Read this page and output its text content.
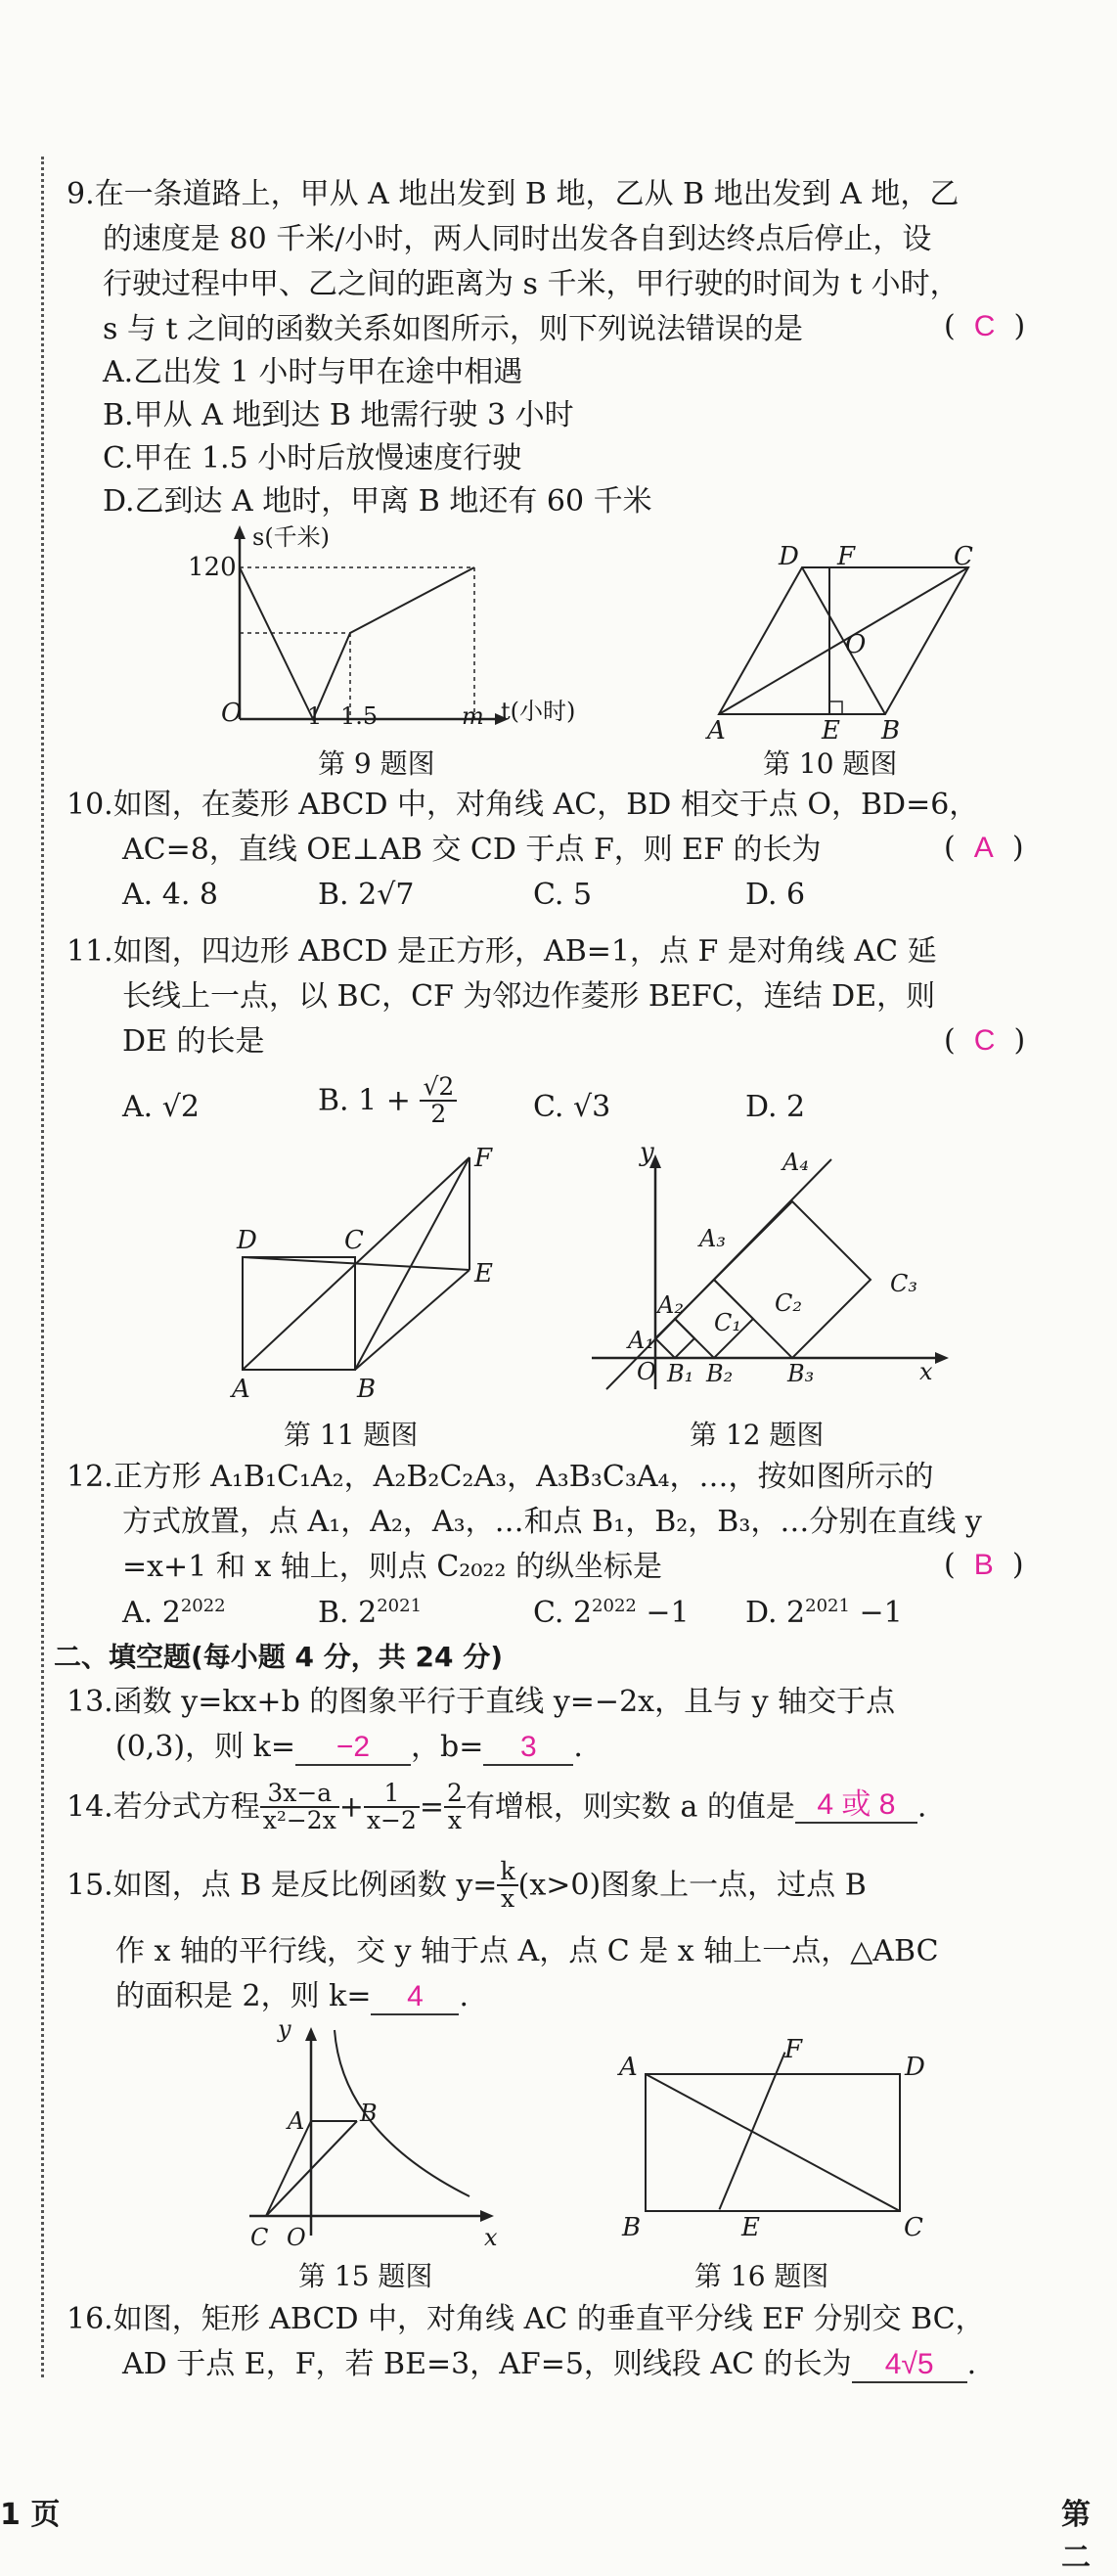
9.在一条道路上，甲从 A 地出发到 B 地，乙从 B 地出发到 A 地，乙
的速度是 80 千米/小时，两人同时出发各自到达终点后停止，设
行驶过程中甲、乙之间的距离为 s 千米，甲行驶的时间为 t 小时，
s 与 t 之间的函数关系如图所示，则下列说法错误的是	(  C  )
A.乙出发 1 小时与甲在途中相遇
B.甲从 A 地到达 B 地需行驶 3 小时
C.甲在 1.5 小时后放慢速度行驶
D.乙到达 A 地时，甲离 B 地还有 60 千米
120
s(千米)
O	1 1.5	m t(小时)
第 9 题图
D F	C
O
A	E B
第 10 题图
10.如图，在菱形 ABCD 中，对角线 AC，BD 相交于点 O，BD=6，
AC=8，直线 OE⊥AB 交 CD 于点 F，则 EF 的长为	(  A  )
A. 4. 8	B. 2√7	C. 5	D. 6
11.如图，四边形 ABCD 是正方形，AB=1，点 F 是对角线 AC 延
长线上一点，以 BC，CF 为邻边作菱形 BEFC，连结 DE，则
DE 的长是	(  C  )
A. √2	B. $1 + \frac{√2}{2}$	C. √3	D. 2
F
D	C
E
A	B
第 11 题图
y	A₄
A₃
C₃
A₂
A₁
C₁
C₂
O B₁ B₂ B₃	x
第 12 题图
12.正方形 A₁B₁C₁A₂，A₂B₂C₂A₃，A₃B₃C₃A₄，…，按如图所示的
方式放置，点 A₁，A₂，A₃，…和点 B₁，B₂，B₃，…分别在直线 y
=x+1 和 x 轴上，则点 C₂₀₂₂ 的纵坐标是	(  B  )
A. $2^{2022}$	B. $2^{2021}$	C. $2^{2022} -1$ D. $2^{2021} -1$
二、填空题(每小题 4 分，共 24 分)
13.函数 y=kx+b 的图象平行于直线 y=−2x，且与 y 轴交于点
(0,3)，则 k= −2 ，b= 3 .
14.若分式方程 $\frac{3x-a}{\text{x²−2x}} + \frac{1}{x-2} = \frac{2}{x}$ 有增根，则实数 a 的值是 4 或 8 .
15.如图，点 B 是反比例函数 $y= \frac{k}{x} (x>0)$图象上一点，过点 B
作 x 轴的平行线，交 y 轴于点 A，点 C 是 x 轴上一点，△ABC
的面积是 2，则 k= 4 .
y
A B
C O	x
第 15 题图
A
F
D
B	E	C
第 16 题图
16.如图，矩形 ABCD 中，对角线 AC 的垂直平分线 EF 分别交 BC，
AD 于点 E，F，若 BE=3，AF=5，则线段 AC 的长为 4√5 .
1 页	第二
